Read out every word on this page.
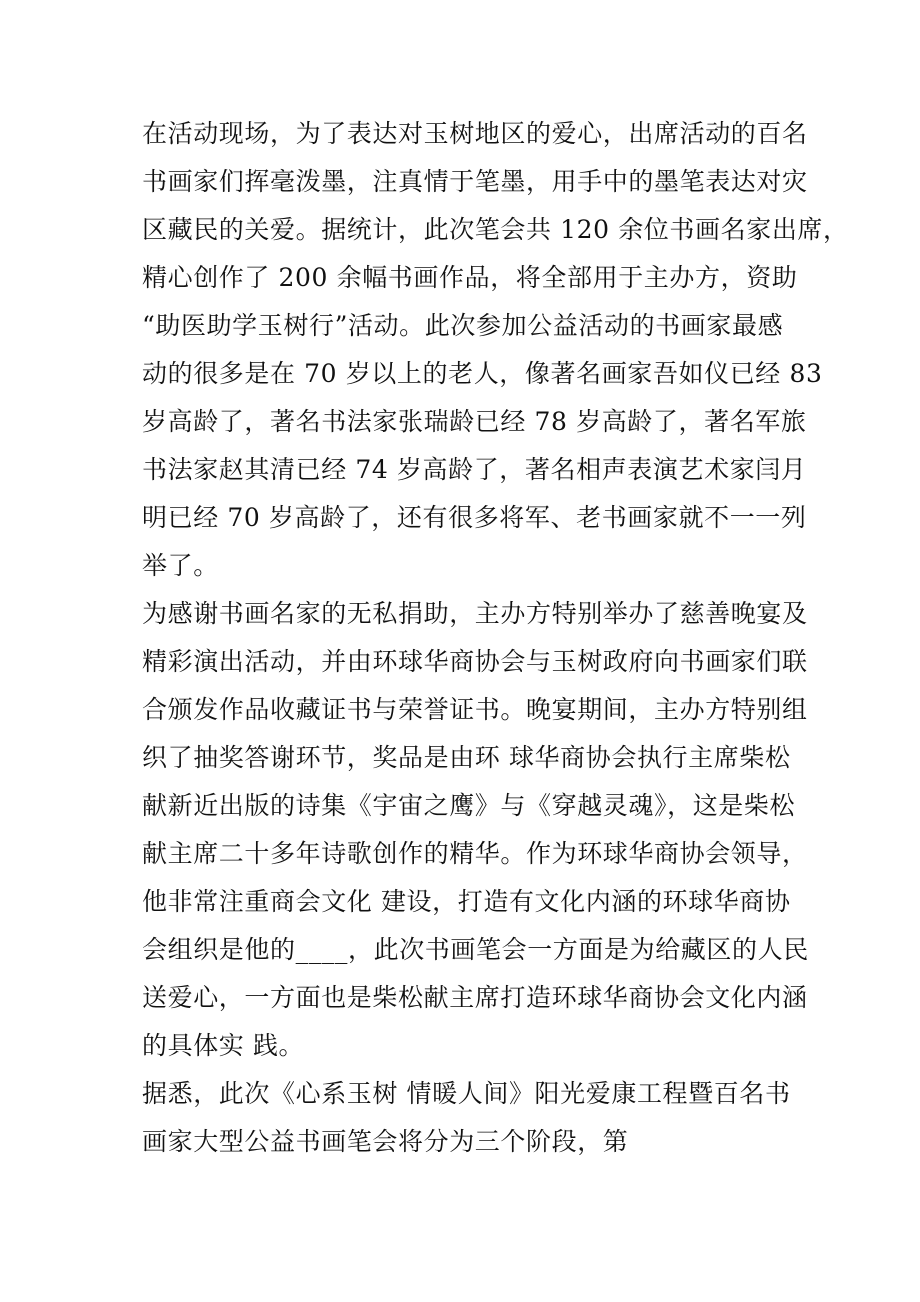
在活动现场，为了表达对玉树地区的爱心，出席活动的百名
书画家们挥毫泼墨，注真情于笔墨，用手中的墨笔表达对灾
区藏民的关爱。据统计，此次笔会共 120 余位书画名家出席，
精心创作了 200 余幅书画作品，将全部用于主办方，资助
“助医助学玉树行”活动。此次参加公益活动的书画家最感
动的很多是在 70 岁以上的老人，像著名画家吾如仪已经 83
岁高龄了，著名书法家张瑞龄已经 78 岁高龄了，著名军旅
书法家赵其清已经 74 岁高龄了，著名相声表演艺术家闫月
明已经 70 岁高龄了，还有很多将军、老书画家就不一一列
举了。
为感谢书画名家的无私捐助，主办方特别举办了慈善晚宴及
精彩演出活动，并由环球华商协会与玉树政府向书画家们联
合颁发作品收藏证书与荣誉证书。晚宴期间，主办方特别组
织了抽奖答谢环节，奖品是由环 球华商协会执行主席柴松
献新近出版的诗集《宇宙之鹰》与《穿越灵魂》，这是柴松
献主席二十多年诗歌创作的精华。作为环球华商协会领导，
他非常注重商会文化 建设，打造有文化内涵的环球华商协
会组织是他的____，此次书画笔会一方面是为给藏区的人民
送爱心，一方面也是柴松献主席打造环球华商协会文化内涵
的具体实 践。
据悉，此次《心系玉树 情暖人间》阳光爱康工程暨百名书
画家大型公益书画笔会将分为三个阶段，第
